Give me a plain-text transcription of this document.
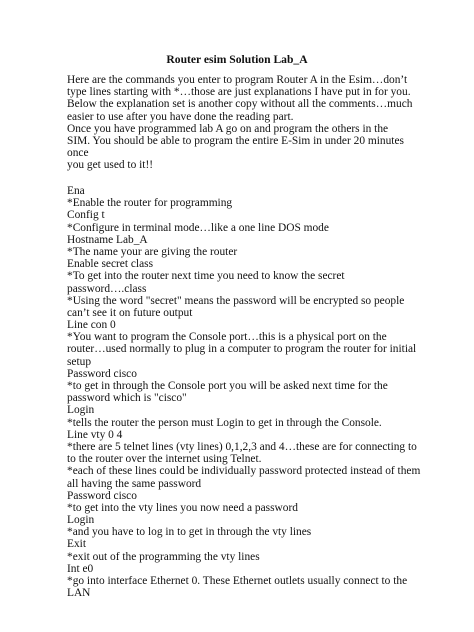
Router esim Solution Lab_A
Here are the commands you enter to program Router A in the Esim…don’t
type lines starting with *…those are just explanations I have put in for you.
Below the explanation set is another copy without all the comments…much
easier to use after you have done the reading part.
Once you have programmed lab A go on and program the others in the
SIM. You should be able to program the entire E-Sim in under 20 minutes
once
you get used to it!!
Ena
*Enable the router for programming
Config t
*Configure in terminal mode…like a one line DOS mode
Hostname Lab_A
*The name your are giving the router
Enable secret class
*To get into the router next time you need to know the secret
password….class
*Using the word "secret" means the password will be encrypted so people
can’t see it on future output
Line con 0
*You want to program the Console port…this is a physical port on the
router…used normally to plug in a computer to program the router for initial
setup
Password cisco
*to get in through the Console port you will be asked next time for the
password which is "cisco"
Login
*tells the router the person must Login to get in through the Console.
Line vty 0 4
*there are 5 telnet lines (vty lines) 0,1,2,3 and 4…these are for connecting to
to the router over the internet using Telnet.
*each of these lines could be individually password protected instead of them
all having the same password
Password cisco
*to get into the vty lines you now need a password
Login
*and you have to log in to get in through the vty lines
Exit
*exit out of the programming the vty lines
Int e0
*go into interface Ethernet 0. These Ethernet outlets usually connect to the
LAN
